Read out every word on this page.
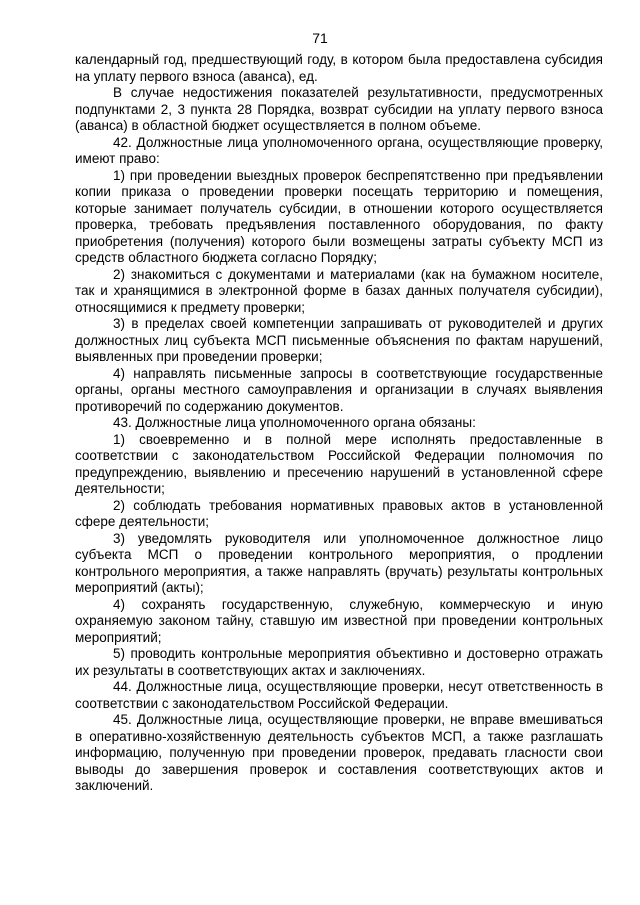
71

календарный год, предшествующий году, в котором была предоставлена субсидия на уплату первого взноса (аванса), ед.

В случае недостижения показателей результативности, предусмотренных подпунктами 2, 3 пункта 28 Порядка, возврат субсидии на уплату первого взноса (аванса) в областной бюджет осуществляется в полном объеме.

42. Должностные лица уполномоченного органа, осуществляющие проверку, имеют право:

1) при проведении выездных проверок беспрепятственно при предъявлении копии приказа о проведении проверки посещать территорию и помещения, которые занимает получатель субсидии, в отношении которого осуществляется проверка, требовать предъявления поставленного оборудования, по факту приобретения (получения) которого были возмещены затраты субъекту МСП из средств областного бюджета согласно Порядку;

2) знакомиться с документами и материалами (как на бумажном носителе, так и хранящимися в электронной форме в базах данных получателя субсидии), относящимися к предмету проверки;

3) в пределах своей компетенции запрашивать от руководителей и других должностных лиц субъекта МСП письменные объяснения по фактам нарушений, выявленных при проведении проверки;

4) направлять письменные запросы в соответствующие государственные органы, органы местного самоуправления и организации в случаях выявления противоречий по содержанию документов.

43. Должностные лица уполномоченного органа обязаны:

1) своевременно и в полной мере исполнять предоставленные в соответствии с законодательством Российской Федерации полномочия по предупреждению, выявлению и пресечению нарушений в установленной сфере деятельности;

2) соблюдать требования нормативных правовых актов в установленной сфере деятельности;

3) уведомлять руководителя или уполномоченное должностное лицо субъекта МСП о проведении контрольного мероприятия, о продлении контрольного мероприятия, а также направлять (вручать) результаты контрольных мероприятий (акты);

4) сохранять государственную, служебную, коммерческую и иную охраняемую законом тайну, ставшую им известной при проведении контрольных мероприятий;

5) проводить контрольные мероприятия объективно и достоверно отражать их результаты в соответствующих актах и заключениях.

44. Должностные лица, осуществляющие проверки, несут ответственность в соответствии с законодательством Российской Федерации.

45. Должностные лица, осуществляющие проверки, не вправе вмешиваться в оперативно-хозяйственную деятельность субъектов МСП, а также разглашать информацию, полученную при проведении проверок, предавать гласности свои выводы до завершения проверок и составления соответствующих актов и заключений.
